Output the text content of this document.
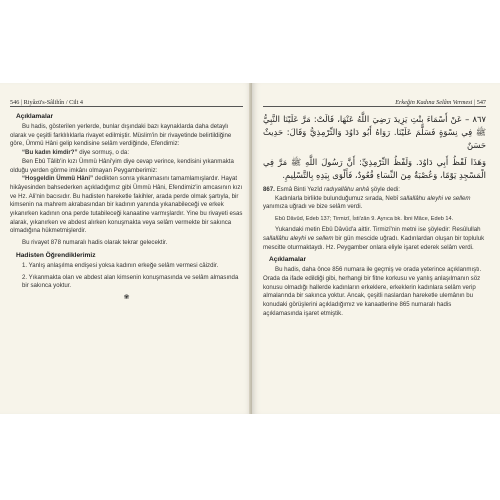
546 | Riyâzü's-Sâlihîn / Cilt 4
Açıklamalar

Bu hadis, gösterilen yerlerde, bunlar dışındaki bazı kaynaklarda daha detaylı olarak ve çeşitli farklılıklarla rivayet edilmiştir. Müslim'in bir rivayetinde belirtildiğine göre, Ümmü Hâni gelip kendisine selâm verdiğinde, Efendimiz:

“Bu kadın kimdir?” diye sormuş, o da:

Ben Ebû Tâlib'in kızı Ümmü Hâni'yim diye cevap verince, kendisini yıkanmakta olduğu yerden görme imkânı olmayan Peygamberimiz:

“Hoşgeldin Ümmü Hâni” dedikten sonra yıkanmasını tamamlamışlardır. Hayat hikâyesinden bahsederken açıkladığımız gibi Ümmü Hâni, Efendimiz'in amcasının kızı ve Hz. Ali'nin bacısıdır. Bu hadisten hareketle fakihler, arada perde olmak şartıyla, bir kimsenin na mahrem akrabasından bir kadının yanında yıkanabileceği ve erkek yıkanırken kadının ona perde tutabileceği kanaatine varmışlardır. Yine bu rivayeti esas alarak, yıkanırken ve abdest alırken konuşmakta veya selâm vermekte bir sakınca olmadığına hükmetmişlerdir.

Bu rivayet 878 numaralı hadis olarak tekrar gelecektir.

Hadisten Öğrendiklerimiz

1. Yanlış anlaşılma endişesi yoksa kadının erkeğe selâm vermesi câizdir.

2. Yıkanmakta olan ve abdest alan kimsenin konuşmasında ve selâm almasında bir sakınca yoktur.

❀
Erkeğin Kadına Selâm Vermesi | 547
٨٦٧ – عَنْ أَسْمَاءَ بِنْتِ يَزِيدَ رَضِيَ اللَّهُ عَنْهَا، قَالَتْ: مَرَّ عَلَيْنَا النَّبِيُّ ﷺ فِي نِسْوَةٍ فَسَلَّمَ عَلَيْنَا. رَوَاهُ أَبُو دَاوُدَ وَالتِّرْمِذِيُّ وَقَالَ: حَدِيثٌ حَسَنٌ
وَهَذَا لَفْظُ أَبِي دَاوُدَ. وَلَفْظُ التِّرْمِذِيِّ: أَنَّ رَسُولَ اللَّهِ ﷺ مَرَّ فِي الْمَسْجِدِ يَوْمًا، وَعُصْبَةٌ مِنَ النِّسَاءِ قُعُودٌ، فَأَلْوَى بِيَدِهِ بِالتَّسْلِيمِ.

867. Esmâ Binti Yezîd radıyallâhu anhâ şöyle dedi:

Kadınlarla birlikte bulunduğumuz sırada, Nebî sallallâhu aleyhi ve sellem yanımıza uğradı ve bize selâm verdi.

Ebû Dâvûd, Edeb 137; Tirmizî, İsti'zân 9. Ayrıca bk. İbni Mâce, Edeb 14.

Yukarıdaki metin Ebû Dâvûd'a aittir. Tirmizî'nin metni ise şöyledir: Resûlullah sallallâhu aleyhi ve sellem bir gün mescide uğradı. Kadınlardan oluşan bir topluluk mescitte oturmaktaydı. Hz. Peygamber onlara eliyle işaret ederek selâm verdi.

Açıklamalar

Bu hadis, daha önce 856 numara ile geçmiş ve orada yeterince açıklanmıştı. Orada da ifade edildiği gibi, herhangi bir fitne korkusu ve yanlış anlaşılmanın söz konusu olmadığı hallerde kadınların erkeklere, erkeklerin kadınlara selâm verip almalarında bir sakınca yoktur. Ancak, çeşitli naslardan hareketle ulemânın bu konudaki görüşlerini açıkladığımız ve kanaatlerine 865 numaralı hadis açıklamasında işaret etmiştik.
